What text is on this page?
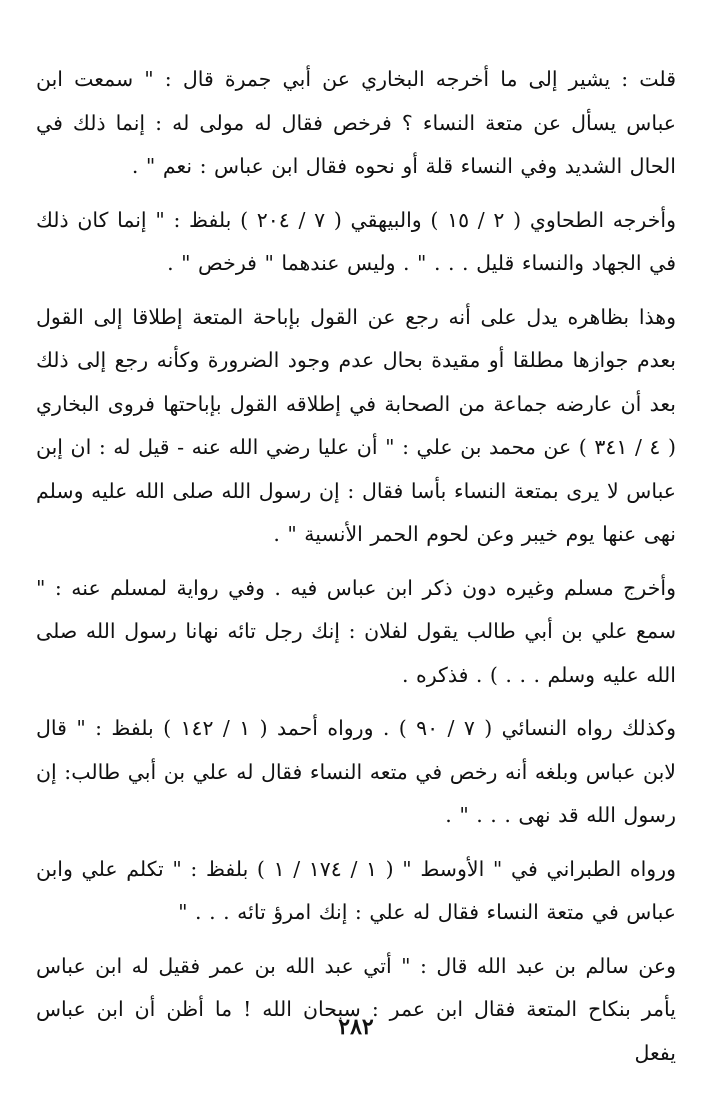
قلت : يشير إلى ما أخرجه البخاري عن أبي جمرة قال : " سمعت ابن عباس يسأل عن متعة النساء ؟ فرخص فقال له مولى له : إنما ذلك في الحال الشديد وفي النساء قلة أو نحوه فقال ابن عباس : نعم " .

وأخرجه الطحاوي ( ٢ / ١٥ ) والبيهقي ( ٧ / ٢٠٤ ) بلفظ : " إنما كان ذلك في الجهاد والنساء قليل . . . " . وليس عندهما " فرخص " .

وهذا بظاهره يدل على أنه رجع عن القول بإباحة المتعة إطلاقا إلى القول بعدم جوازها مطلقا أو مقيدة بحال عدم وجود الضرورة وكأنه رجع إلى ذلك بعد أن عارضه جماعة من الصحابة في إطلاقه القول بإباحتها فروى البخاري ( ٤ / ٣٤١ ) عن محمد بن علي : " أن عليا رضي الله عنه - قيل له : ان إبن عباس لا يرى بمتعة النساء بأسا فقال : إن رسول الله صلى الله عليه وسلم نهى عنها يوم خيبر وعن لحوم الحمر الأنسية " .

وأخرج مسلم وغيره دون ذكر ابن عباس فيه . وفي رواية لمسلم عنه : " سمع علي بن أبي طالب يقول لفلان : إنك رجل تائه نهانا رسول الله صلى الله عليه وسلم . . . ) . فذكره .

وكذلك رواه النسائي ( ٧ / ٩٠ ) . ورواه أحمد ( ١ / ١٤٢ ) بلفظ : " قال لابن عباس وبلغه أنه رخص في متعه النساء فقال له علي بن أبي طالب: إن رسول الله قد نهى . . . " .

ورواه الطبراني في " الأوسط " ( ١ / ١٧٤ / ١ ) بلفظ : " تكلم علي وابن عباس في متعة النساء فقال له علي : إنك امرؤ تائه . . . "

وعن سالم بن عبد الله قال : " أتي عبد الله بن عمر فقيل له ابن عباس يأمر بنكاح المتعة فقال ابن عمر : سبحان الله ! ما أظن أن ابن عباس يفعل

٢٨٢
